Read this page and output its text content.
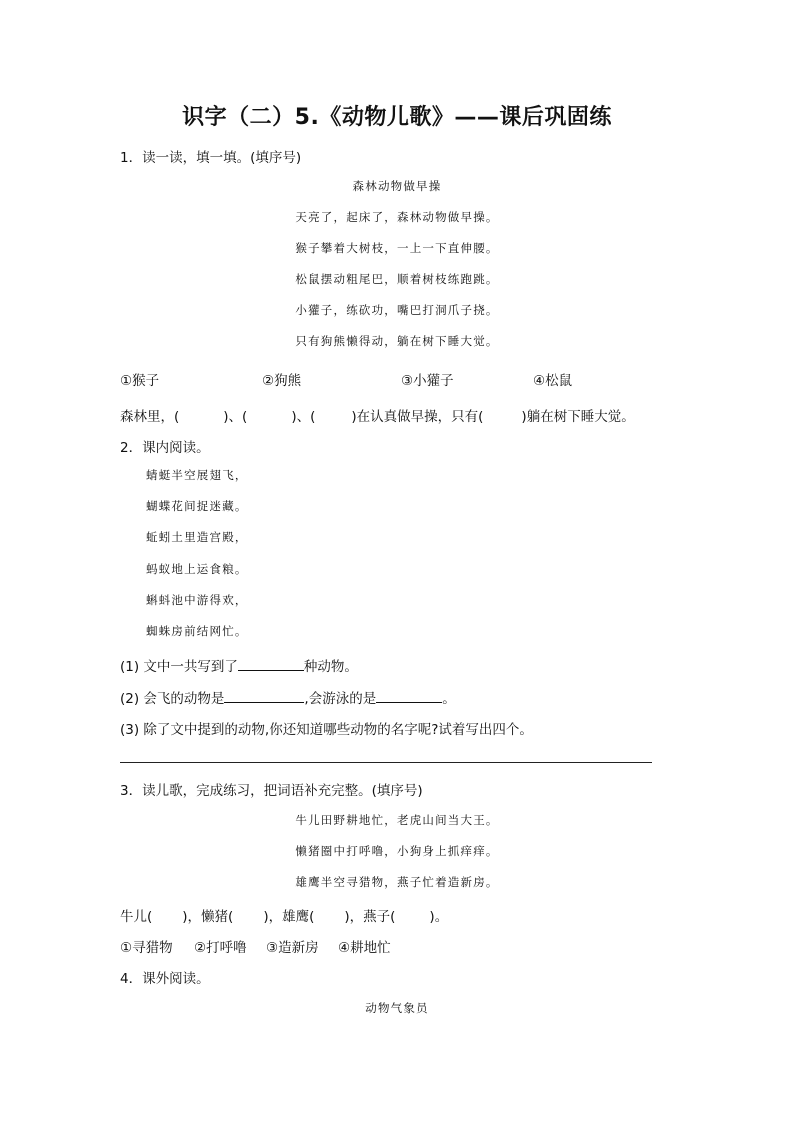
识字（二）5.《动物儿歌》——课后巩固练
1．读一读，填一填。(填序号)
森林动物做早操
天亮了，起床了，森林动物做早操。
猴子攀着大树枝，一上一下直伸腰。
松鼠摆动粗尾巴，顺着树枝练跑跳。
小獾子，练砍功，嘴巴打洞爪子挠。
只有狗熊懒得动，躺在树下睡大觉。
①猴子	②狗熊	③小獾子	④松鼠
森林里，(	)、(	)、(	)在认真做早操，只有(	)躺在树下睡大觉。
2．课内阅读。
蜻蜓半空展翅飞，
蝴蝶花间捉迷藏。
蚯蚓土里造宫殿，
蚂蚁地上运食粮。
蝌蚪池中游得欢，
蜘蛛房前结网忙。
(1) 文中一共写到了	种动物。
(2) 会飞的动物是	,会游泳的是	。
(3) 除了文中提到的动物,你还知道哪些动物的名字呢?试着写出四个。
3．读儿歌，完成练习，把词语补充完整。(填序号)
牛儿田野耕地忙，老虎山间当大王。
懒猪圈中打呼噜，小狗身上抓痒痒。
雄鹰半空寻猎物，燕子忙着造新房。
牛儿( )，懒猪( )，雄鹰( )，燕子(	)。
①寻猎物 ②打呼噜 ③造新房 ④耕地忙
4．课外阅读。
动物气象员
